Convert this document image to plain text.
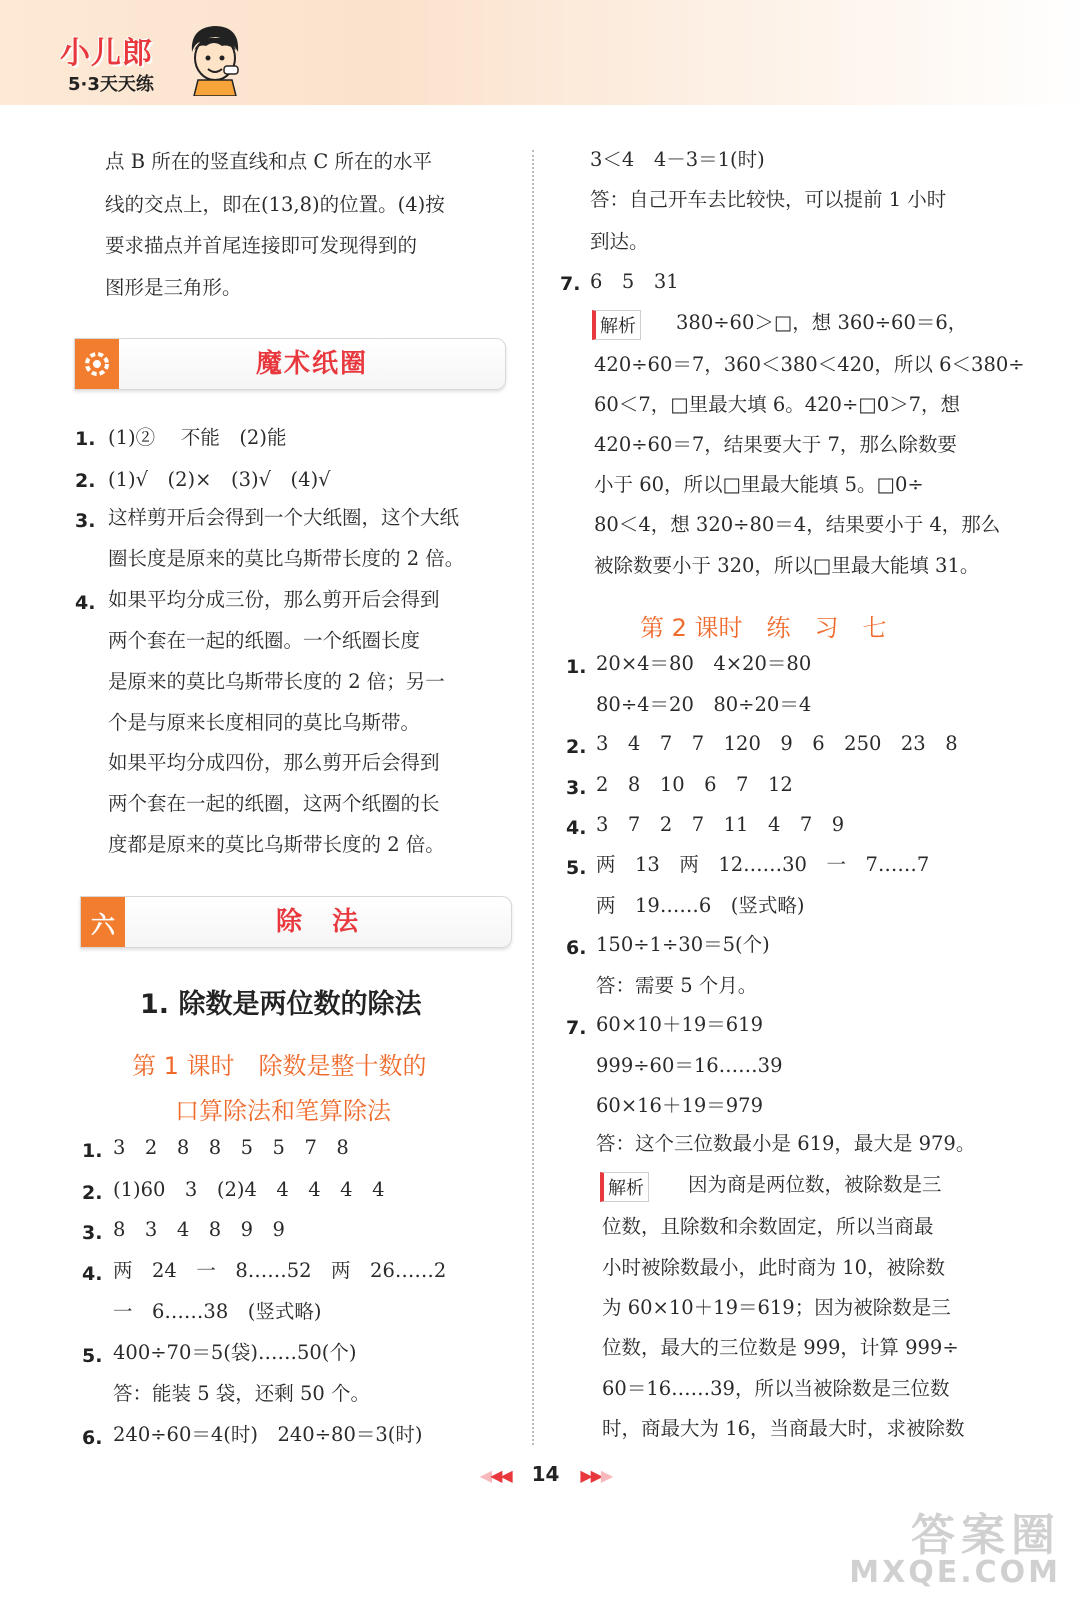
小儿郎
5·3天天练
点 B 所在的竖直线和点 C 所在的水平
线的交点上，即在(13,8)的位置。(4)按
要求描点并首尾连接即可发现得到的
图形是三角形。
魔术纸圈
1. (1)②　 不能　(2)能
2. (1)√　(2)×　(3)√　(4)√
3. 这样剪开后会得到一个大纸圈，这个大纸
圈长度是原来的莫比乌斯带长度的 2 倍。
4. 如果平均分成三份，那么剪开后会得到
两个套在一起的纸圈。一个纸圈长度
是原来的莫比乌斯带长度的 2 倍；另一
个是与原来长度相同的莫比乌斯带。
如果平均分成四份，那么剪开后会得到
两个套在一起的纸圈，这两个纸圈的长
度都是原来的莫比乌斯带长度的 2 倍。
六	除　法
1. 除数是两位数的除法
第 1 课时　除数是整十数的
口算除法和笔算除法
1. 3　2　8　8　5　5　7　8
2. (1)60　3　(2)4　4　4　4　4
3. 8　3　4　8　9　9
4. 两　24　一　8……52　两　26……2
一　6……38　(竖式略)
5. 400÷70＝5(袋)……50(个)
答：能装 5 袋，还剩 50 个。
6. 240÷60＝4(时)　240÷80＝3(时)
3＜4　4－3＝1(时)
答：自己开车去比较快，可以提前 1 小时
到达。
7. 6　5　31
解析 380÷60＞□，想 360÷60＝6，
420÷60＝7，360＜380＜420，所以 6＜380÷
60＜7，□里最大填 6。420÷□0＞7，想
420÷60＝7，结果要大于 7，那么除数要
小于 60，所以□里最大能填 5。□0÷
80＜4，想 320÷80＝4，结果要小于 4，那么
被除数要小于 320，所以□里最大能填 31。
第 2 课时　练　习　七
1. 20×4＝80　4×20＝80
80÷4＝20　80÷20＝4
2. 3　4　7　7　120　9　6　250　23　8
3. 2　8　10　6　7　12
4. 3　7　2　7　11　4　7　9
5. 两　13　两　12……30　一　7……7
两　19……6　(竖式略)
6. 150÷1÷30＝5(个)
答：需要 5 个月。
7. 60×10＋19＝619
999÷60＝16……39
60×16＋19＝979
答：这个三位数最小是 619，最大是 979。
解析 因为商是两位数，被除数是三
位数，且除数和余数固定，所以当商最
小时被除数最小，此时商为 10，被除数
为 60×10＋19＝619；因为被除数是三
位数，最大的三位数是 999，计算 999÷
60＝16……39，所以当被除数是三位数
时，商最大为 16，当商最大时，求被除数
◀◀◀ 14 ▶▶▶
答案圈
MXQE.COM
